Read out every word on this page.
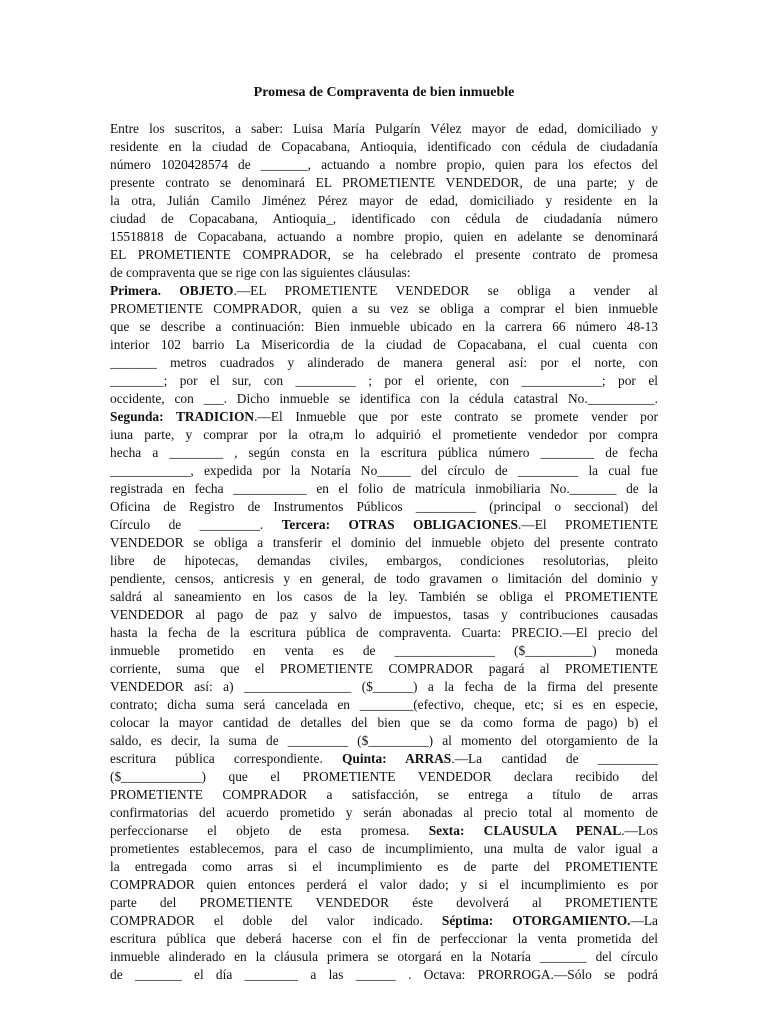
Promesa de Compraventa de bien inmueble
Entre los suscritos, a saber: Luisa María Pulgarín Vélez mayor de edad, domiciliado y
residente en la ciudad de Copacabana, Antioquia, identificado con cédula de ciudadanía
número 1020428574 de _______, actuando a nombre propio, quien para los efectos del
presente contrato se denominará EL PROMETIENTE VENDEDOR, de una parte; y de
la otra, Julián Camilo Jiménez Pérez mayor de edad, domiciliado y residente en la
ciudad de Copacabana, Antioquia_, identificado con cédula de ciudadanía número
15518818 de Copacabana, actuando a nombre propio, quien en adelante se denominará
EL PROMETIENTE COMPRADOR, se ha celebrado el presente contrato de promesa
de compraventa que se rige con las siguientes cláusulas:
Primera. OBJETO.—EL PROMETIENTE VENDEDOR se obliga a vender al
PROMETIENTE COMPRADOR, quien a su vez se obliga a comprar el bien inmueble
que se describe a continuación: Bien inmueble ubicado en la carrera 66 número 48-13
interior 102 barrio La Misericordia de la ciudad de Copacabana, el cual cuenta con
_______ metros cuadrados y alinderado de manera general así: por el norte, con
________; por el sur, con _________ ; por el oriente, con ____________; por el
occidente, con ___. Dicho inmueble se identifica con la cédula catastral No.__________.
Segunda: TRADICION.—El Inmueble que por este contrato se promete vender por
iuna parte, y comprar por la otra,m lo adquirió el prometiente vendedor por compra
hecha a ________ , según consta en la escritura pública número ________ de fecha
____________, expedida por la Notaría No_____ del círculo de _________ la cual fue
registrada en fecha ___________ en el folio de matrícula inmobiliaria No._______ de la
Oficina de Registro de Instrumentos Públicos _________ (principal o seccional) del
Círculo de _________. Tercera: OTRAS OBLIGACIONES.—El PROMETIENTE
VENDEDOR se obliga a transferir el dominio del inmueble objeto del presente contrato
libre de hipotecas, demandas civiles, embargos, condiciones resolutorias, pleito
pendiente, censos, anticresis y en general, de todo gravamen o limitación del dominio y
saldrá al saneamiento en los casos de la ley. También se obliga el PROMETIENTE
VENDEDOR al pago de paz y salvo de impuestos, tasas y contribuciones causadas
hasta la fecha de la escritura pública de compraventa. Cuarta: PRECIO.—El precio del
inmueble prometido en venta es de _______________ ($__________) moneda
corriente, suma que el PROMETIENTE COMPRADOR pagará al PROMETIENTE
VENDEDOR así: a) ________________ ($______) a la fecha de la firma del presente
contrato; dicha suma será cancelada en ________(efectivo, cheque, etc; si es en especie,
colocar la mayor cantidad de detalles del bien que se da como forma de pago) b) el
saldo, es decir, la suma de _________ ($_________) al momento del otorgamiento de la
escritura pública correspondiente. Quinta: ARRAS.—La cantidad de _________
($____________) que el PROMETIENTE VENDEDOR declara recibido del
PROMETIENTE COMPRADOR a satisfacción, se entrega a título de arras
confirmatorias del acuerdo prometido y serán abonadas al precio total al momento de
perfeccionarse el objeto de esta promesa. Sexta: CLAUSULA PENAL.—Los
prometientes establecemos, para el caso de incumplimiento, una multa de valor igual a
la entregada como arras si el incumplimiento es de parte del PROMETIENTE
COMPRADOR quien entonces perderá el valor dado; y si el incumplimiento es por
parte del PROMETIENTE VENDEDOR éste devolverá al PROMETIENTE
COMPRADOR el doble del valor indicado. Séptima: OTORGAMIENTO.—La
escritura pública que deberá hacerse con el fin de perfeccionar la venta prometida del
inmueble alinderado en la cláusula primera se otorgará en la Notaría _______ del círculo
de _______ el día ________ a las ______ . Octava: PRORROGA.—Sólo se podrá
